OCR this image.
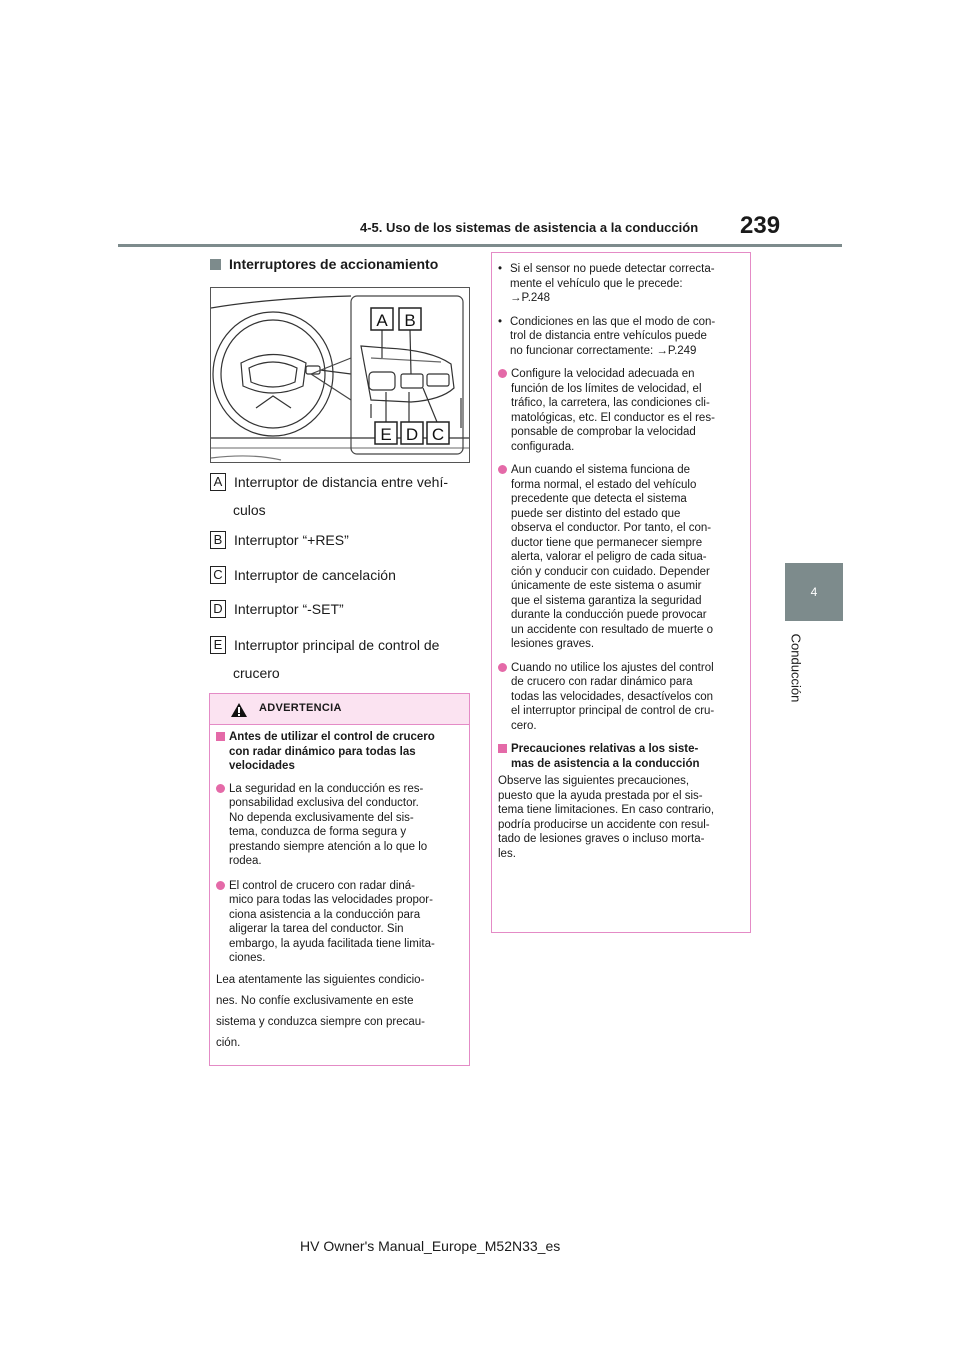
4-5. Uso de los sistemas de asistencia a la conducción 239
4
Conducción
Interruptores de accionamiento
A B
E D C
A Interruptor de distancia entre vehí-
culos
B Interruptor “+RES”
C Interruptor de cancelación
D Interruptor “-SET”
E Interruptor principal de control de
crucero
ADVERTENCIA
Antes de utilizar el control de crucero
con radar dinámico para todas las
velocidades
La seguridad en la conducción es res-
ponsabilidad exclusiva del conductor.
No dependa exclusivamente del sis-
tema, conduzca de forma segura y
prestando siempre atención a lo que lo
rodea.
El control de crucero con radar diná-
mico para todas las velocidades propor-
ciona asistencia a la conducción para
aligerar la tarea del conductor. Sin
embargo, la ayuda facilitada tiene limita-
ciones.
Lea atentamente las siguientes condicio-
nes. No confíe exclusivamente en este
sistema y conduzca siempre con precau-
ción.
• Si el sensor no puede detectar correcta-
mente el vehículo que le precede:
→P.248
• Condiciones en las que el modo de con-
trol de distancia entre vehículos puede
no funcionar correctamente: →P.249
Configure la velocidad adecuada en
función de los límites de velocidad, el
tráfico, la carretera, las condiciones cli-
matológicas, etc. El conductor es el res-
ponsable de comprobar la velocidad
configurada.
Aun cuando el sistema funciona de
forma normal, el estado del vehículo
precedente que detecta el sistema
puede ser distinto del estado que
observa el conductor. Por tanto, el con-
ductor tiene que permanecer siempre
alerta, valorar el peligro de cada situa-
ción y conducir con cuidado. Depender
únicamente de este sistema o asumir
que el sistema garantiza la seguridad
durante la conducción puede provocar
un accidente con resultado de muerte o
lesiones graves.
Cuando no utilice los ajustes del control
de crucero con radar dinámico para
todas las velocidades, desactívelos con
el interruptor principal de control de cru-
cero.
Precauciones relativas a los siste-
mas de asistencia a la conducción
Observe las siguientes precauciones,
puesto que la ayuda prestada por el sis-
tema tiene limitaciones. En caso contrario,
podría producirse un accidente con resul-
tado de lesiones graves o incluso morta-
les.
HV Owner's Manual_Europe_M52N33_es
